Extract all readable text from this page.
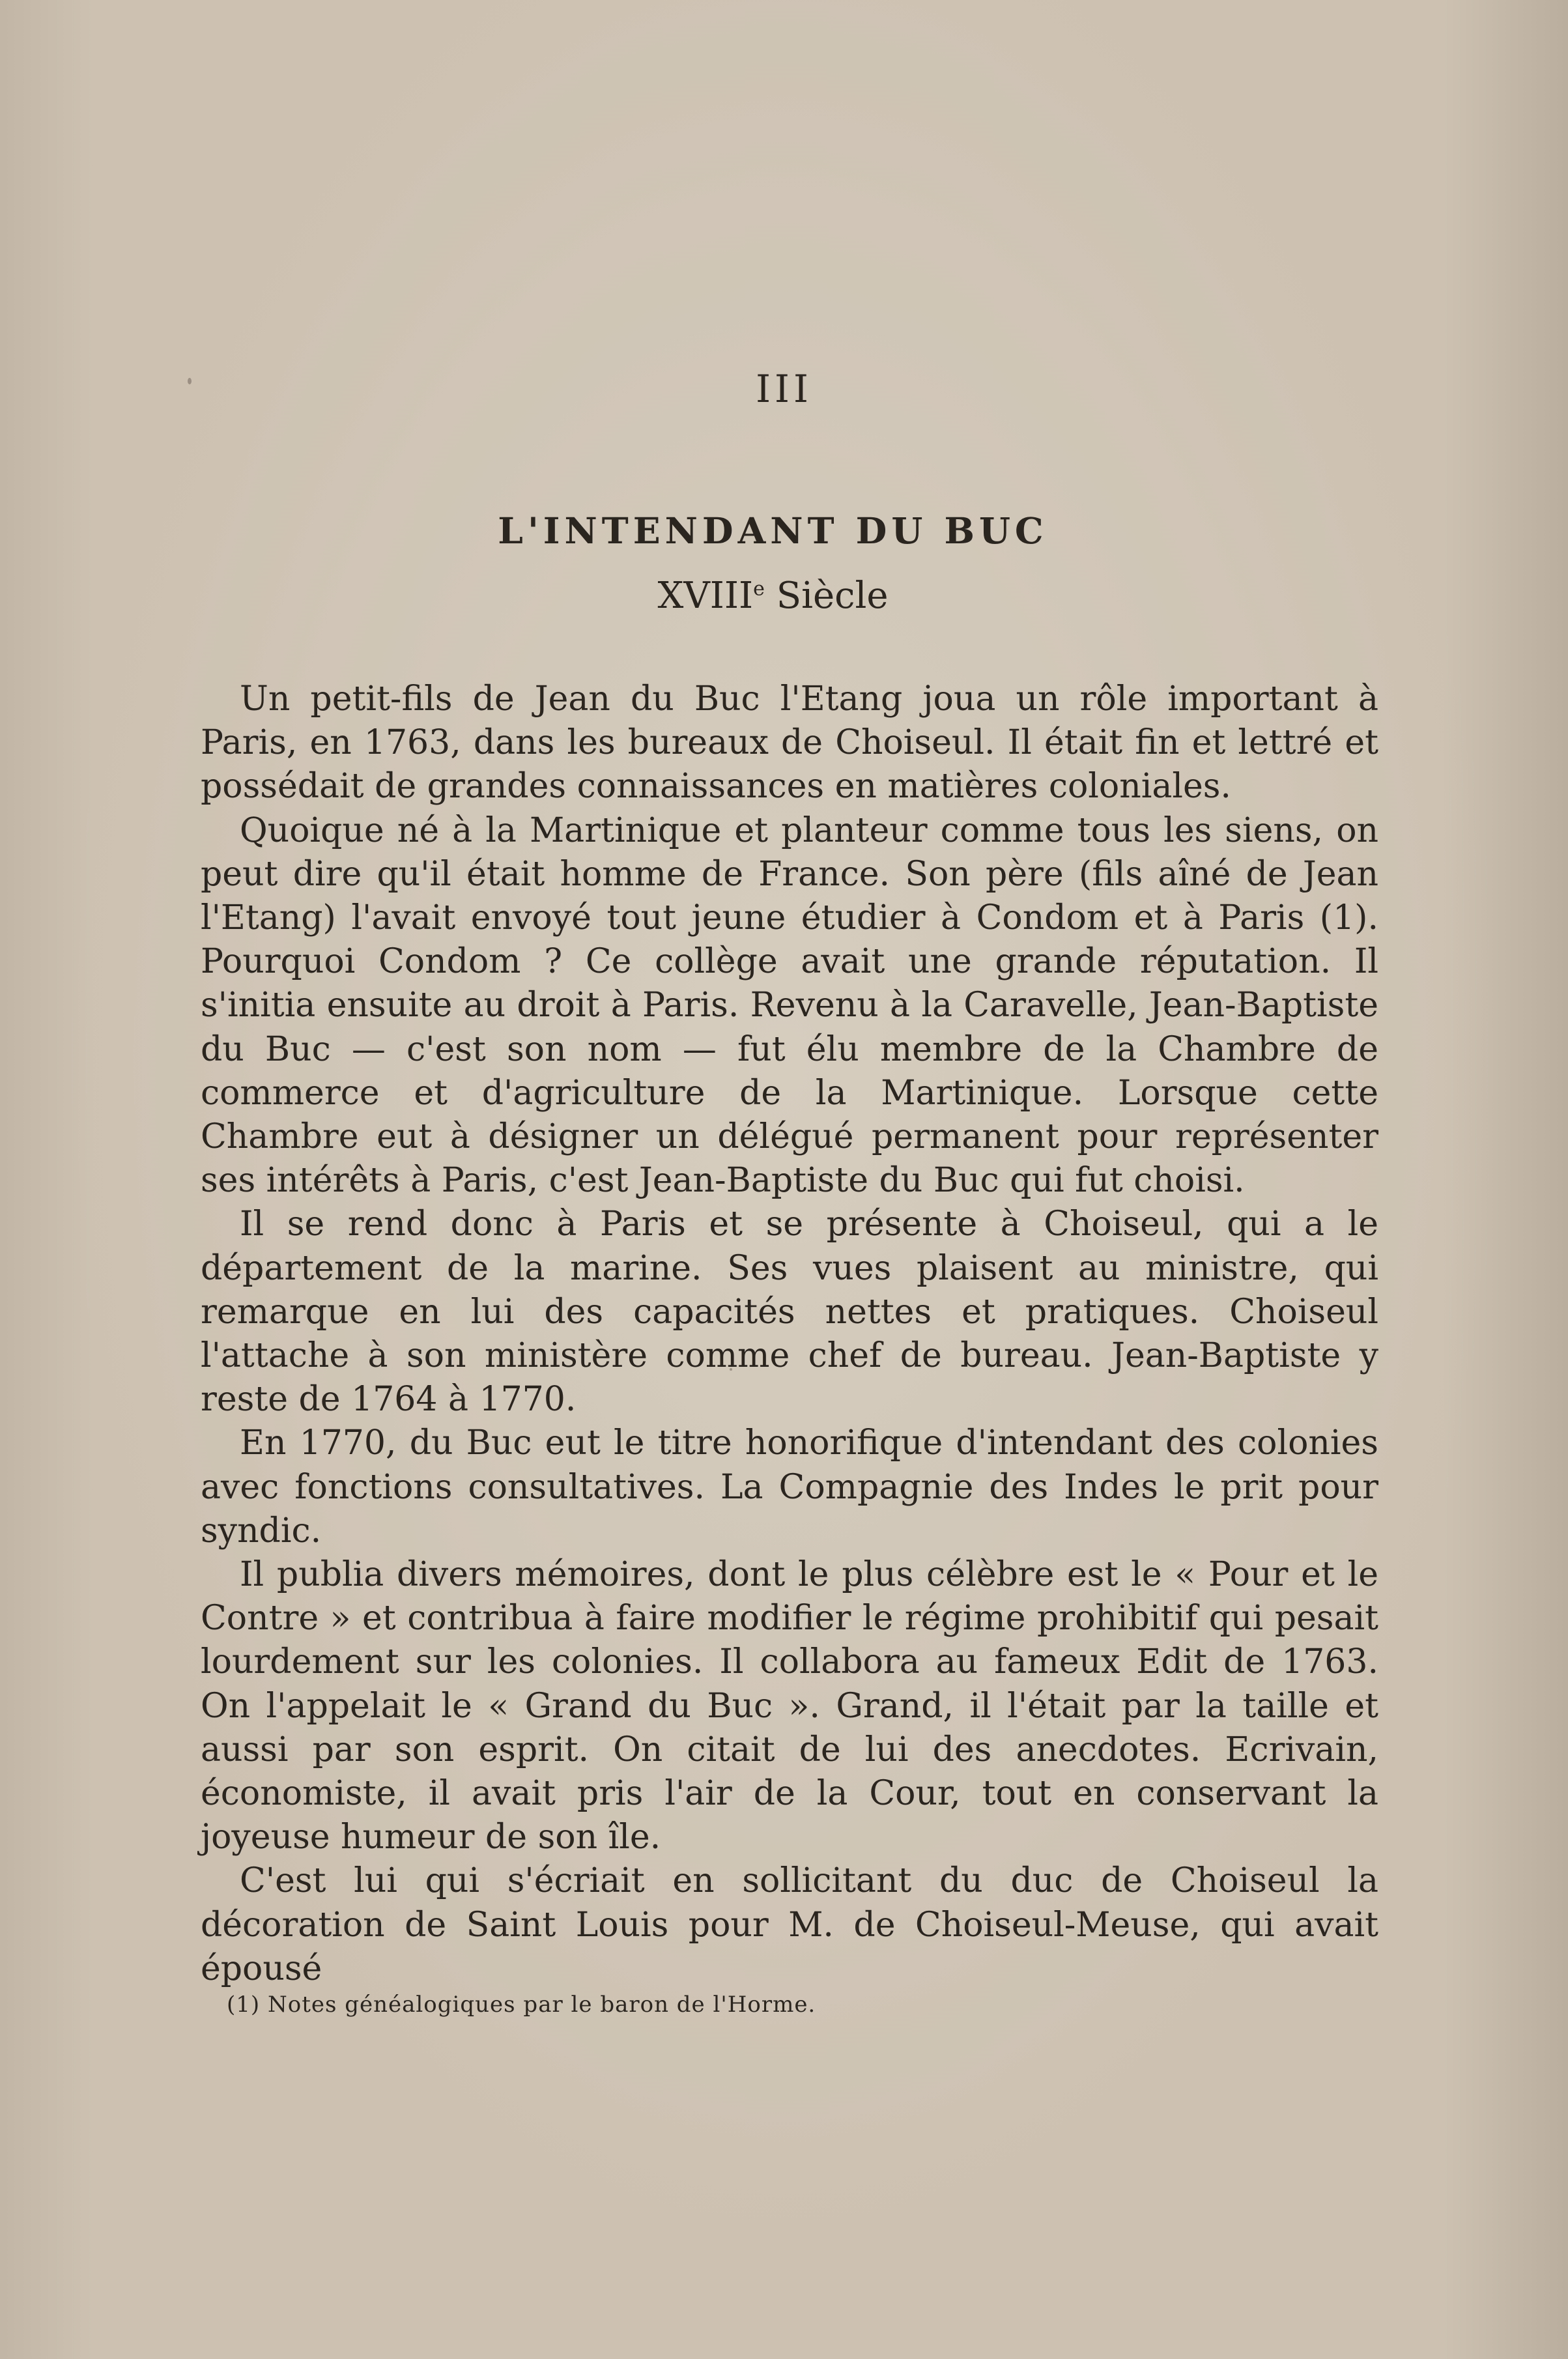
III
L'INTENDANT DU BUC
XVIIIe Siècle

Un petit-fils de Jean du Buc l'Etang joua un rôle important à Paris, en 1763, dans les bureaux de Choiseul. Il était fin et lettré et possédait de grandes connaissances en matières coloniales.

Quoique né à la Martinique et planteur comme tous les siens, on peut dire qu'il était homme de France. Son père (fils aîné de Jean l'Etang) l'avait envoyé tout jeune étudier à Condom et à Paris (1). Pourquoi Condom ? Ce collège avait une grande réputation. Il s'initia ensuite au droit à Paris. Revenu à la Caravelle, Jean-Baptiste du Buc — c'est son nom — fut élu membre de la Chambre de commerce et d'agriculture de la Martinique. Lorsque cette Chambre eut à désigner un délégué permanent pour représenter ses intérêts à Paris, c'est Jean-Baptiste du Buc qui fut choisi.

Il se rend donc à Paris et se présente à Choiseul, qui a le département de la marine. Ses vues plaisent au ministre, qui remarque en lui des capacités nettes et pratiques. Choiseul l'attache à son ministère comme chef de bureau. Jean-Baptiste y reste de 1764 à 1770.

En 1770, du Buc eut le titre honorifique d'intendant des colonies avec fonctions consultatives. La Compagnie des Indes le prit pour syndic.

Il publia divers mémoires, dont le plus célèbre est le « Pour et le Contre » et contribua à faire modifier le régime prohibitif qui pesait lourdement sur les colonies. Il collabora au fameux Edit de 1763. On l'appelait le « Grand du Buc ». Grand, il l'était par la taille et aussi par son esprit. On citait de lui des anecdotes. Ecrivain, économiste, il avait pris l'air de la Cour, tout en conservant la joyeuse humeur de son île.

C'est lui qui s'écriait en sollicitant du duc de Choiseul la décoration de Saint Louis pour M. de Choiseul-Meuse, qui avait épousé

(1) Notes généalogiques par le baron de l'Horme.
